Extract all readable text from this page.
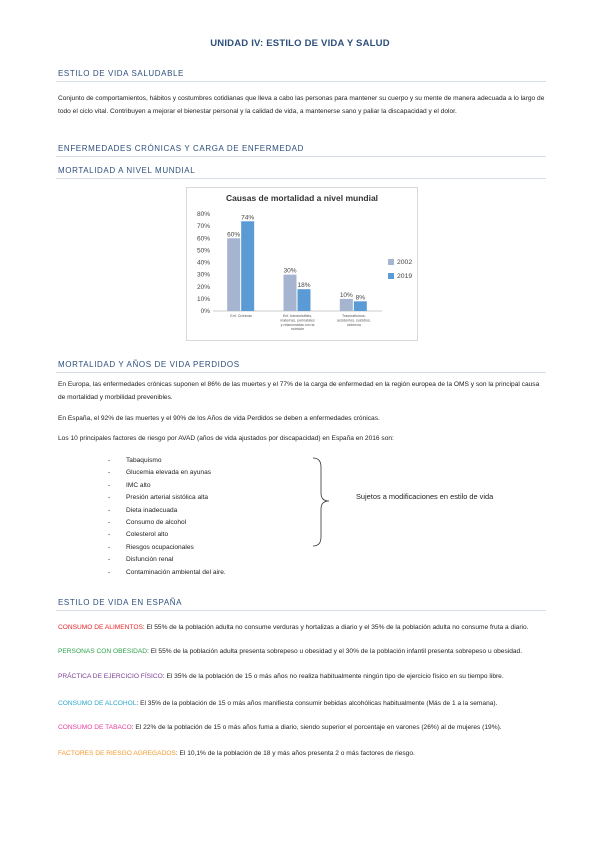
UNIDAD IV: ESTILO DE VIDA Y SALUD
ESTILO DE VIDA SALUDABLE
Conjunto de comportamientos, hábitos y costumbres cotidianas que lleva a cabo las personas para mantener su cuerpo y su mente de manera adecuada a lo largo de todo el ciclo vital. Contribuyen a mejorar el bienestar personal y la calidad de vida, a mantenerse sano y paliar la discapacidad y el dolor.
ENFERMEDADES CRÓNICAS Y CARGA DE ENFERMEDAD
MORTALIDAD A NIVEL MUNDIAL
Causas de mortalidad a nivel mundial
0%
10%
20%
30%
40%
50%
60%
70%
80%
60%
74%
Enf. Crónicas
30%
18%
Enf. transmisibles, maternas, perinatales y relacionadas con la nutrición
10% 8%
Traumatismos, accidentes, suicidios, violencia
2002
2019
MORTALIDAD Y AÑOS DE VIDA PERDIDOS
En Europa, las enfermedades crónicas suponen el 86% de las muertes y el 77% de la carga de enfermedad en la región europea de la OMS y son la principal causa de mortalidad y morbilidad prevenibles.
En España, el 92% de las muertes y el 90% de los Años de vida Perdidos se deben a enfermedades crónicas.
Los 10 principales factores de riesgo por AVAD (años de vida ajustados por discapacidad) en España en 2016 son:
- Tabaquismo
- Glucemia elevada en ayunas
- IMC alto
- Presión arterial sistólica alta
- Dieta inadecuada
- Consumo de alcohol
- Colesterol alto
- Riesgos ocupacionales
- Disfunción renal
- Contaminación ambiental del aire.
Sujetos a modificaciones en estilo de vida
ESTILO DE VIDA EN ESPAÑA
CONSUMO DE ALIMENTOS: El 55% de la población adulta no consume verduras y hortalizas a diario y el 35% de la población adulta no consume fruta a diario.
PERSONAS CON OBESIDAD: El 55% de la población adulta presenta sobrepeso u obesidad y el 30% de la población infantil presenta sobrepeso u obesidad.
PRÁCTICA DE EJERCICIO FÍSICO: El 35% de la población de 15 o más años no realiza habitualmente ningún tipo de ejercicio físico en su tiempo libre.
CONSUMO DE ALCOHOL: El 35% de la población de 15 o más años manifiesta consumir bebidas alcohólicas habitualmente (Más de 1 a la semana).
CONSUMO DE TABACO: El 22% de la población de 15 o más años fuma a diario, siendo superior el porcentaje en varones (26%) al de mujeres (19%).
FACTORES DE RIESGO AGREGADOS: El 10,1% de la población de 18 y más años presenta 2 o más factores de riesgo.
